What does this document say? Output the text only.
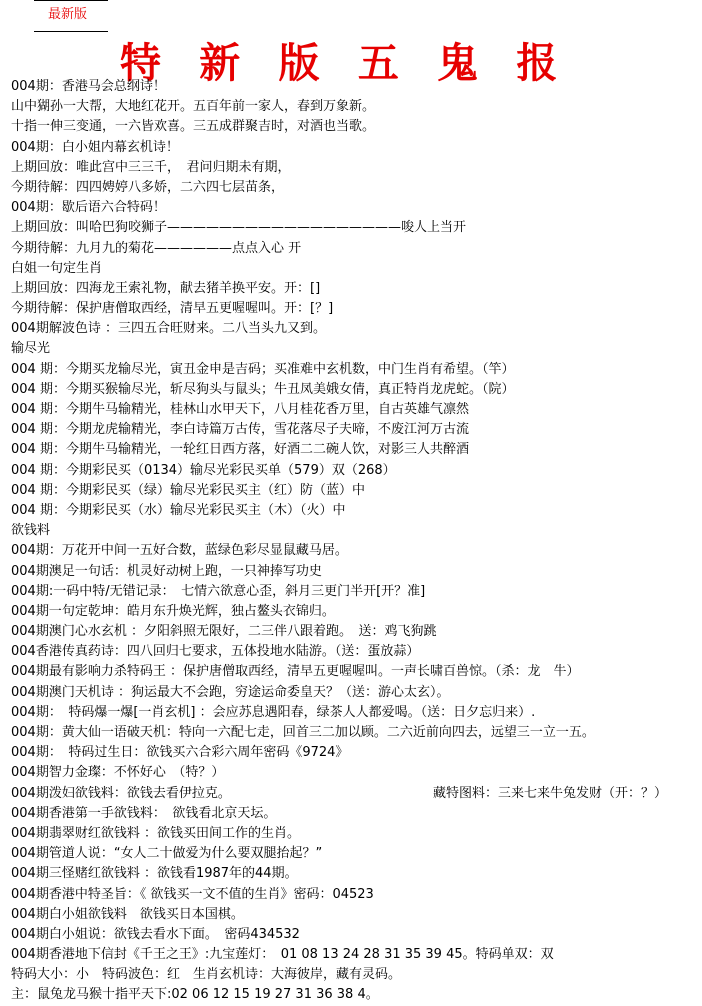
最新版
特 新 版 五 鬼 报
004期：香港马会总纲诗！
山中猢孙一大帮，大地红花开。五百年前一家人，春到万象新。
十指一伸三变通，一六皆欢喜。三五成群聚吉时，对酒也当歌。
004期：白小姐内幕玄机诗！
上期回放：唯此宫中三三千，　君问归期未有期，
今期待解：四四娉婷八多娇，二六四七层苗条，
004期：歇后语六合特码！
上期回放：叫哈巴狗咬狮子——————————————————唆人上当开
今期待解：九月九的菊花——————点点入心 开
白姐一句定生肖
上期回放：四海龙王索礼物，献去猪羊换平安。开：[]
今期待解：保护唐僧取西经，清早五更喔喔叫。开：[？]
004期解波色诗 ：三四五合旺财来。二八当头九又到。
输尽光
004 期：今期买龙输尽光，寅丑金申是吉码；买准难中玄机数，中门生肖有希望。（竿）
004 期：今期买猴输尽光，斩尽狗头与鼠头；牛丑凤美娥女倩，真正特肖龙虎蛇。（院）
004 期：今期牛马输精光，桂林山水甲天下，八月桂花香万里，自古英雄气凛然
004 期：今期龙虎输精光，李白诗篇万古传，雪花落尽子夫啼，不废江河万古流
004 期：今期牛马输精光，一轮红日西方落，好酒二二碗人饮，对影三人共醉酒
004 期：今期彩民买（0134）输尽光彩民买单（579）双（268）
004 期：今期彩民买（绿）输尽光彩民买主（红）防（蓝）中
004 期：今期彩民买（水）输尽光彩民买主（木）（火）中
欲钱料
004期：万花开中间一五好合数，蓝绿色彩尽显鼠藏马居。
004期澳足一句话：机灵好动树上跑，一只神捧写功史
004期:一码中特/无错记录：　七情六欲意心歪，斜月三更门半开[开？准]
004期一句定乾坤：皓月东升焕光辉，独占鳌头衣锦归。
004期澳门心水玄机 ：夕阳斜照无限好，二三伴八跟着跑。　送：鸡飞狗跳
004香港传真药诗：四八回归七要求，五体投地水陆游。（送：蛋放蒜）
004期最有影响力杀特码王 ：保护唐僧取西经，清早五更喔喔叫。一声长啸百兽惊。（杀：龙　牛）
004期澳门天机诗 ：狗运最大不会跑，穷途运命委皇天？（送：游心太玄）。
004期：　特码爆一爆[一肖玄机] ：会应苏息遇阳春，绿茶人人都爱喝。（送：日夕忘归来）.
004期：黄大仙一语破天机：特向一六配七走，回首三二加以顾。二六近前向四去，远望三一立一五。
004期：　特码过生日：欲钱买六合彩六周年密码《9724》
004期智力金璨：不怀好心　（特？）
004期泼妇欲钱料：欲钱去看伊拉克。	藏特图料：三来七来牛兔发财（开：？）
004期香港第一手欲钱料：　欲钱看北京天坛。
004期翡翠财红欲钱料 ：欲钱买田间工作的生肖。
004期管道人说：“女人二十做爱为什么要双腿抬起？”
004期三怪赌红欲钱料 ：欲钱看1987年的44期。
004期香港中特圣旨：《 欲钱买一文不值的生肖》密码：04523
004期白小姐欲钱料　欲钱买日本国棋。
004期白小姐说：欲钱去看水下面。　密码434532
004期香港地下信封《千王之王》:九宝莲灯：　01 08 13 24 28 31 35 39 45。特码单双：双
特码大小：小　特码波色：红　生肖玄机诗：大海彼岸，藏有灵码。
主：鼠兔龙马猴十指平天下:02 06 12 15 19 27 31 36 38 4。
